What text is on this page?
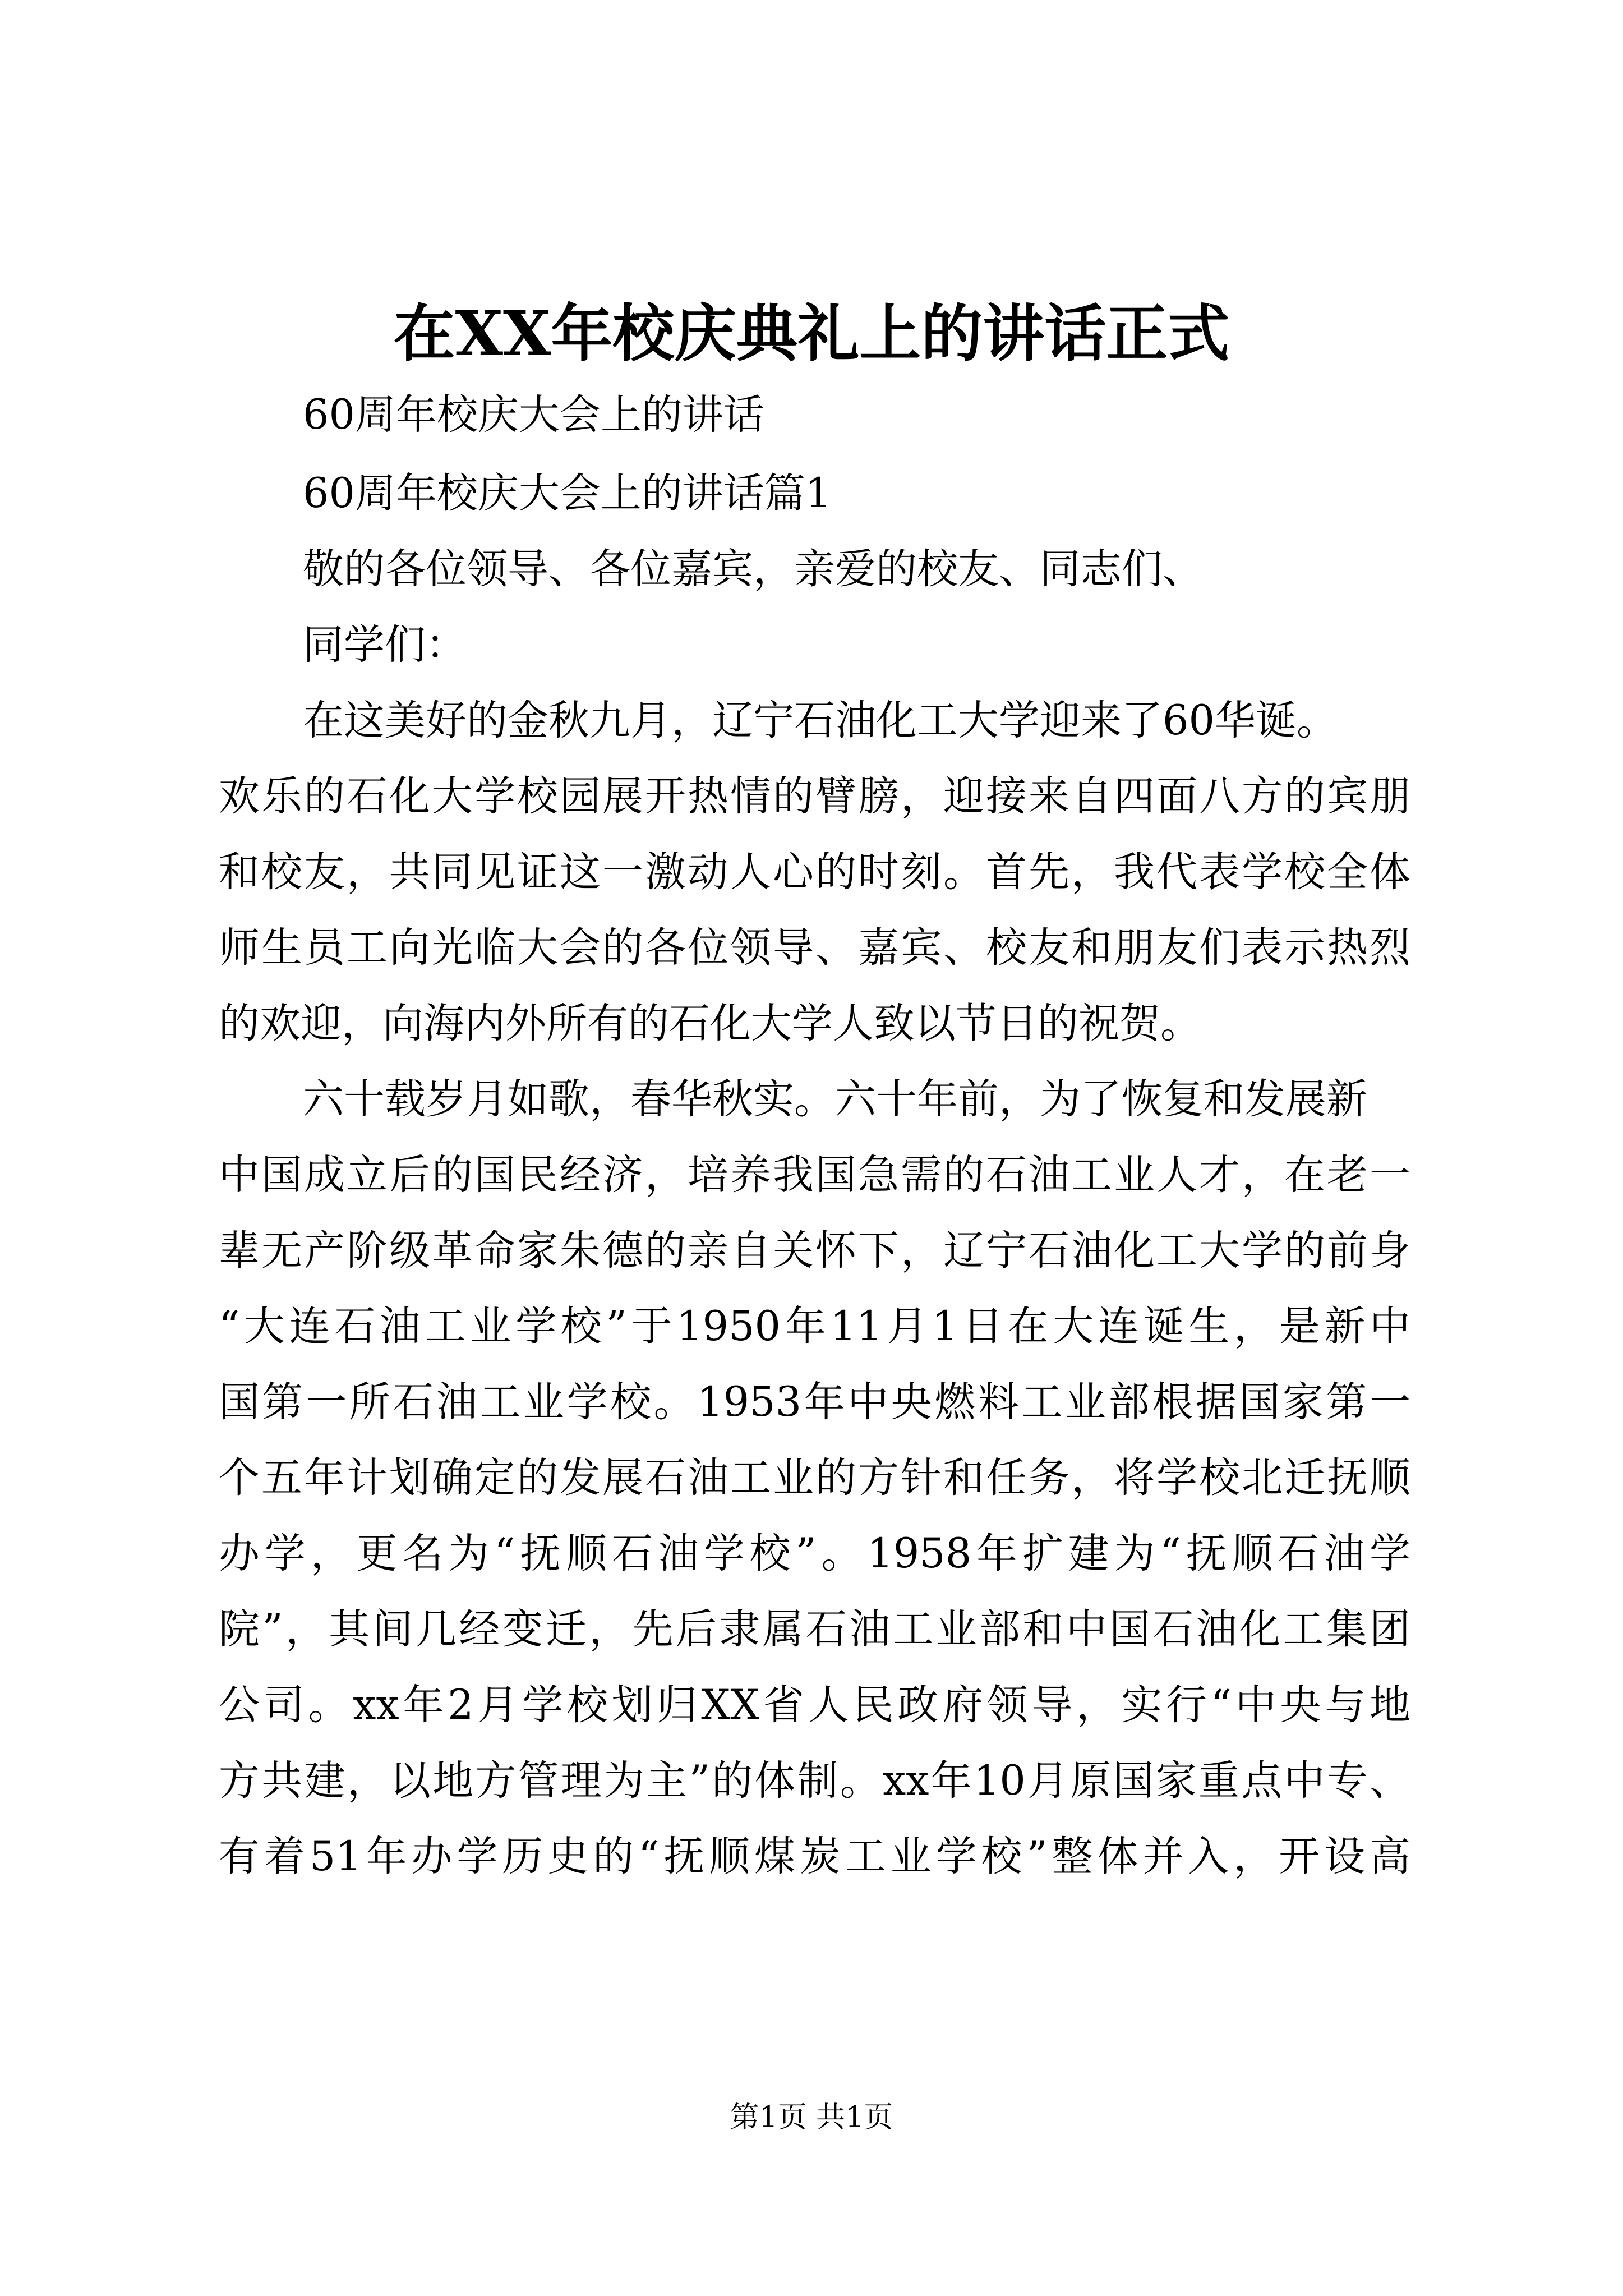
在XX年校庆典礼上的讲话正式

60周年校庆大会上的讲话

60周年校庆大会上的讲话篇1

敬的各位领导、各位嘉宾，亲爱的校友、同志们、

同学们：

在这美好的金秋九月，辽宁石油化工大学迎来了60华诞。

欢乐的石化大学校园展开热情的臂膀，迎接来自四面八方的宾朋

和校友，共同见证这一激动人心的时刻。首先，我代表学校全体

师生员工向光临大会的各位领导、嘉宾、校友和朋友们表示热烈

的欢迎，向海内外所有的石化大学人致以节日的祝贺。

六十载岁月如歌，春华秋实。六十年前，为了恢复和发展新

中国成立后的国民经济，培养我国急需的石油工业人才，在老一

辈无产阶级革命家朱德的亲自关怀下，辽宁石油化工大学的前身

“大连石油工业学校”于1950年11月1日在大连诞生，是新中

国第一所石油工业学校。1953年中央燃料工业部根据国家第一

个五年计划确定的发展石油工业的方针和任务，将学校北迁抚顺

办学，更名为“抚顺石油学校”。1958年扩建为“抚顺石油学

院”，其间几经变迁，先后隶属石油工业部和中国石油化工集团

公司。xx年2月学校划归XX省人民政府领导，实行“中央与地

方共建，以地方管理为主”的体制。xx年10月原国家重点中专、

有着51年办学历史的“抚顺煤炭工业学校”整体并入，开设高

第1页 共1页
